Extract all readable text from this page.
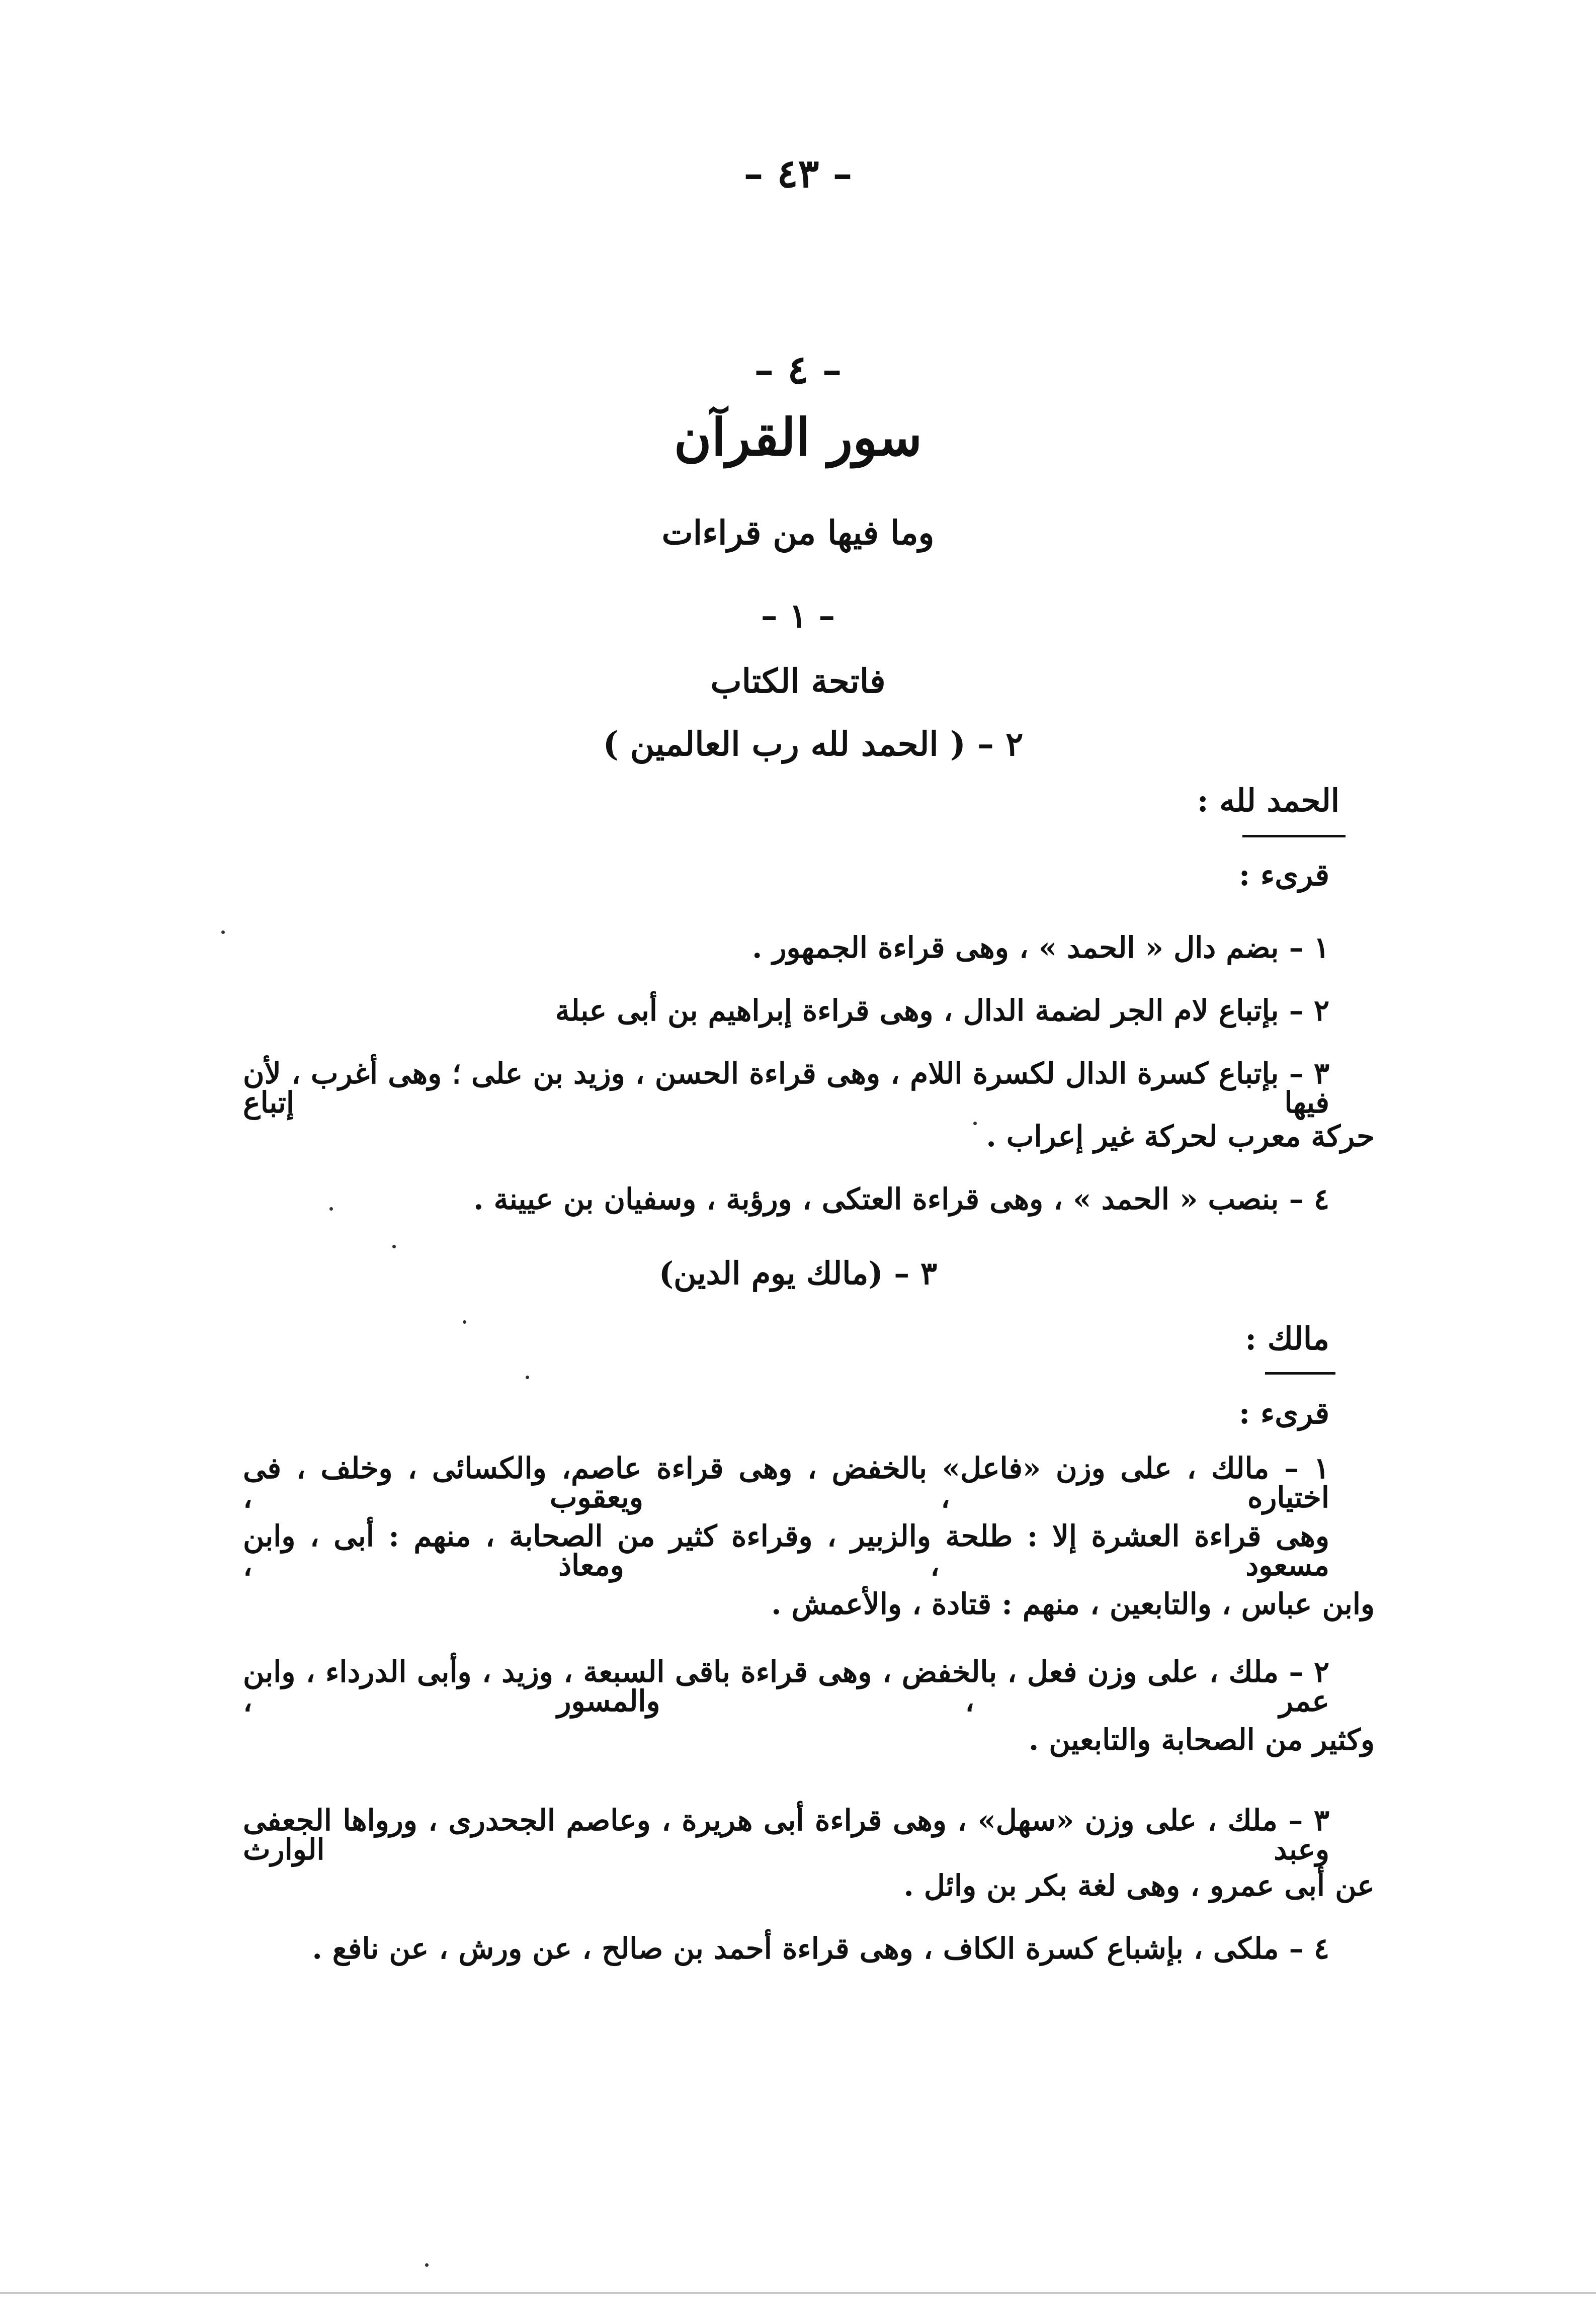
– ٤٣ –
– ٤ –
سور القرآن
وما فيها من قراءات
– ١ –
فاتحة الكتاب
٢ – ( الحمد لله رب العالمين )
الحمد لله :
قرىء :
١ – بضم دال « الحمد » ، وهى قراءة الجمهور .
٢ – بإتباع لام الجر لضمة الدال ، وهى قراءة إبراهيم بن أبى عبلة
٣ – بإتباع كسرة الدال لكسرة اللام ، وهى قراءة الحسن ، وزيد بن على ؛ وهى أغرب ، لأن فيها إتباع
حركة معرب لحركة غير إعراب .
٤ – بنصب « الحمد » ، وهى قراءة العتكى ، ورؤبة ، وسفيان بن عيينة .
٣ – (مالك يوم الدين)
مالك :
قرىء :
١ – مالك ، على وزن «فاعل» بالخفض ، وهى قراءة عاصم، والكسائى ، وخلف ، فى اختياره ، ويعقوب ،
وهى قراءة العشرة إلا : طلحة والزبير ، وقراءة كثير من الصحابة ، منهم : أبى ، وابن مسعود ، ومعاذ ،
وابن عباس ، والتابعين ، منهم : قتادة ، والأعمش .
٢ – ملك ، على وزن فعل ، بالخفض ، وهى قراءة باقى السبعة ، وزيد ، وأبى الدرداء ، وابن عمر ، والمسور ،
وكثير من الصحابة والتابعين .
٣ – ملك ، على وزن «سهل» ، وهى قراءة أبى هريرة ، وعاصم الجحدرى ، ورواها الجعفى وعبد الوارث
عن أبى عمرو ، وهى لغة بكر بن وائل .
٤ – ملكى ، بإشباع كسرة الكاف ، وهى قراءة أحمد بن صالح ، عن ورش ، عن نافع .
